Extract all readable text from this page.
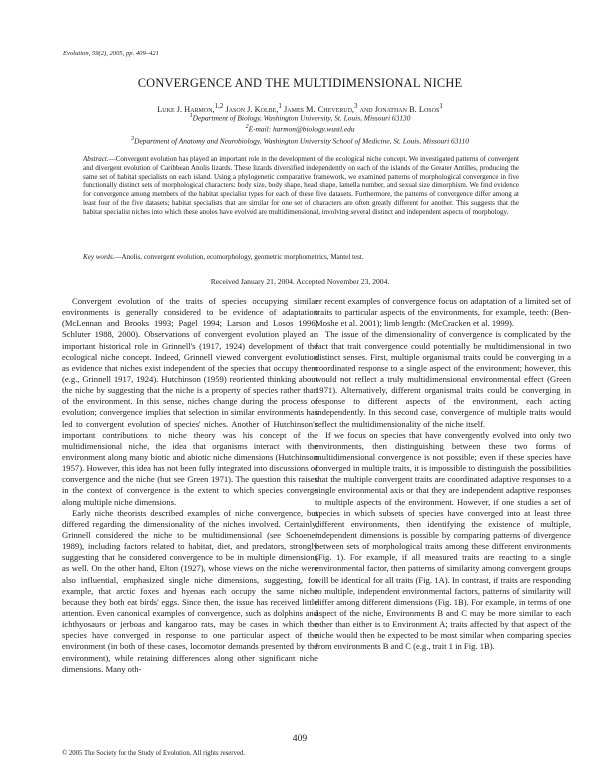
Evolution, 59(2), 2005, pp. 409–421
CONVERGENCE AND THE MULTIDIMENSIONAL NICHE
Luke J. Harmon,$^{1,2}$ Jason J. Kolbe,$^1$ James M. Cheverud,$^3$ and Jonathan B. Losos$^1$
$^1$Department of Biology, Washington University, St. Louis, Missouri 63130
$^2$E-mail: harmon@biology.wustl.edu
$^3$Department of Anatomy and Neurobiology, Washington University School of Medicine, St. Louis, Missouri 63110
Abstract.—Convergent evolution has played an important role in the development of the ecological niche concept. We investigated patterns of convergent and divergent evolution of Caribbean Anolis lizards. These lizards diversified independently on each of the islands of the Greater Antilles, producing the same set of habitat specialists on each island. Using a phylogenetic comparative framework, we examined patterns of morphological convergence in five functionally distinct sets of morphological characters: body size, body shape, head shape, lamella number, and sexual size dimorphism. We find evidence for convergence among members of the habitat specialist types for each of these five datasets. Furthermore, the patterns of convergence differ among at least four of the five datasets; habitat specialists that are similar for one set of characters are often greatly different for another. This suggests that the habitat specialist niches into which these anoles have evolved are multidimensional, involving several distinct and independent aspects of morphology.
Key words.—Anolis, convergent evolution, ecomorphology, geometric morphometrics, Mantel test.
Received January 21, 2004. Accepted November 23, 2004.

Convergent evolution of the traits of species occupying similar environments is generally considered to be evidence of adaptation (McLennan and Brooks 1993; Pagel 1994; Larson and Losos 1996; Schluter 1988, 2000). Observations of convergent evolution played an important historical role in Grinnell's (1917, 1924) development of the ecological niche concept. Indeed, Grinnell viewed convergent evolution as evidence that niches exist independent of the species that occupy them (e.g., Grinnell 1917, 1924). Hutchinson (1959) reoriented thinking about the niche by suggesting that the niche is a property of species rather than of the environment. In this sense, niches change during the process of evolution; convergence implies that selection in similar environments has led to convergent evolution of species' niches. Another of Hutchinson's important contributions to niche theory was his concept of the multidimensional niche, the idea that organisms interact with the environment along many biotic and abiotic niche dimensions (Hutchinson 1957). However, this idea has not been fully integrated into discussions of convergence and the niche (but see Green 1971). The question this raises in the context of convergence is the extent to which species converge along multiple niche dimensions.

Early niche theorists described examples of niche convergence, but differed regarding the dimensionality of the niches involved. Certainly, Grinnell considered the niche to be multidimensional (see Schoener 1989), including factors related to habitat, diet, and predators, strongly suggesting that he considered convergence to be in multiple dimensions as well. On the other hand, Elton (1927), whose views on the niche were also influential, emphasized single niche dimensions, suggesting, for example, that arctic foxes and hyenas each occupy the same niche because they both eat birds' eggs. Since then, the issue has received little attention. Even canonical examples of convergence, such as dolphins and ichthyosaurs or jerboas and kangaroo rats, may be cases in which the species have converged in response to one particular aspect of the environment (in both of these cases, locomotor demands presented by the environment), while retaining differences along other significant niche dimensions. Many oth-

er recent examples of convergence focus on adaptation of a limited set of traits to particular aspects of the environments, for example, teeth: (Ben-Moshe et al. 2001); limb length: (McCracken et al. 1999).

The issue of the dimensionality of convergence is complicated by the fact that trait convergence could potentially be multidimensional in two distinct senses. First, multiple organismal traits could be converging in a coordinated response to a single aspect of the environment; however, this would not reflect a truly multidimensional environmental effect (Green 1971). Alternatively, different organismal traits could be converging in response to different aspects of the environment, each acting independently. In this second case, convergence of multiple traits would reflect the multidimensionality of the niche itself.

If we focus on species that have convergently evolved into only two environments, then distinguishing between these two forms of multidimensional convergence is not possible; even if these species have converged in multiple traits, it is impossible to distinguish the possibilities that the multiple convergent traits are coordinated adaptive responses to a single environmental axis or that they are independent adaptive responses to multiple aspects of the environment. However, if one studies a set of species in which subsets of species have converged into at least three different environments, then identifying the existence of multiple, independent dimensions is possible by comparing patterns of divergence between sets of morphological traits among these different environments (Fig. 1). For example, if all measured traits are reacting to a single environmental factor, then patterns of similarity among convergent groups will be identical for all traits (Fig. 1A). In contrast, if traits are responding to multiple, independent environmental factors, patterns of similarity will differ among different dimensions (Fig. 1B). For example, in terms of one aspect of the niche, Environments B and C may be more similar to each other than either is to Environment A; traits affected by that aspect of the niche would then be expected to be most similar when comparing species from environments B and C (e.g., trait 1 in Fig. 1B).

409
© 2005 The Society for the Study of Evolution. All rights reserved.
